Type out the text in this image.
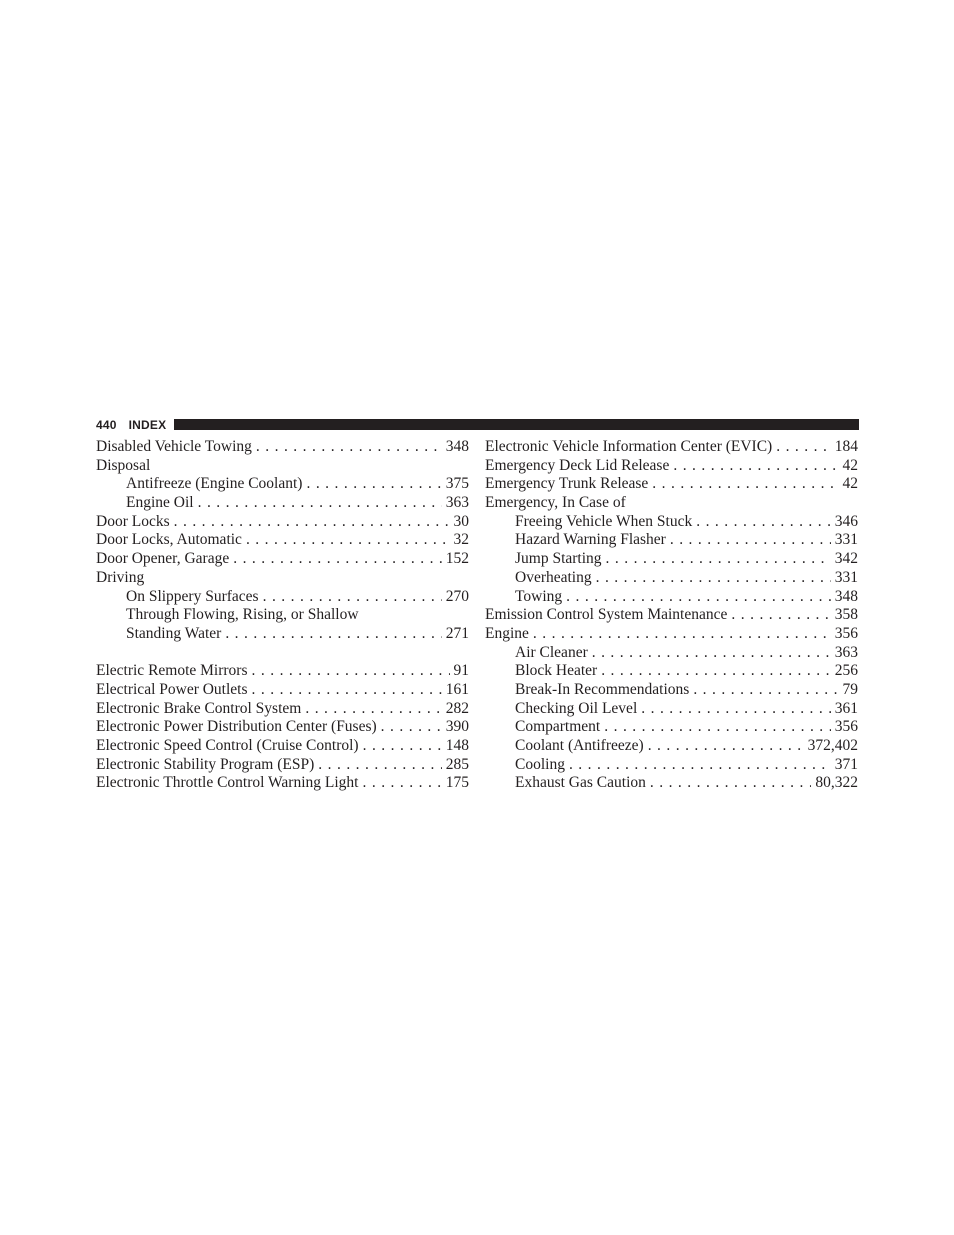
440 INDEX
Disabled Vehicle Towing . . .	348
Disposal
Antifreeze (Engine Coolant) . . .	375
Engine Oil . . .	363
Door Locks . . .	30
Door Locks, Automatic . . .	32
Door Opener, Garage . . .	152
Driving
On Slippery Surfaces . . .	270
Through Flowing, Rising, or Shallow
Standing Water . . .	271
Electric Remote Mirrors . . .	91
Electrical Power Outlets . . .	161
Electronic Brake Control System . . .	282
Electronic Power Distribution Center (Fuses) . . .	390
Electronic Speed Control (Cruise Control) . . .	148
Electronic Stability Program (ESP) . . .	285
Electronic Throttle Control Warning Light . . .	175
Electronic Vehicle Information Center (EVIC) . . .	184
Emergency Deck Lid Release . . .	42
Emergency Trunk Release . . .	42
Emergency, In Case of
Freeing Vehicle When Stuck . . .	346
Hazard Warning Flasher . . .	331
Jump Starting . . .	342
Overheating . . .	331
Towing . . .	348
Emission Control System Maintenance . . .	358
Engine . . .	356
Air Cleaner . . .	363
Block Heater . . .	256
Break-In Recommendations . . .	79
Checking Oil Level . . .	361
Compartment . . .	356
Coolant (Antifreeze) . . .	372,402
Cooling . . .	371
Exhaust Gas Caution . . .	80,322
